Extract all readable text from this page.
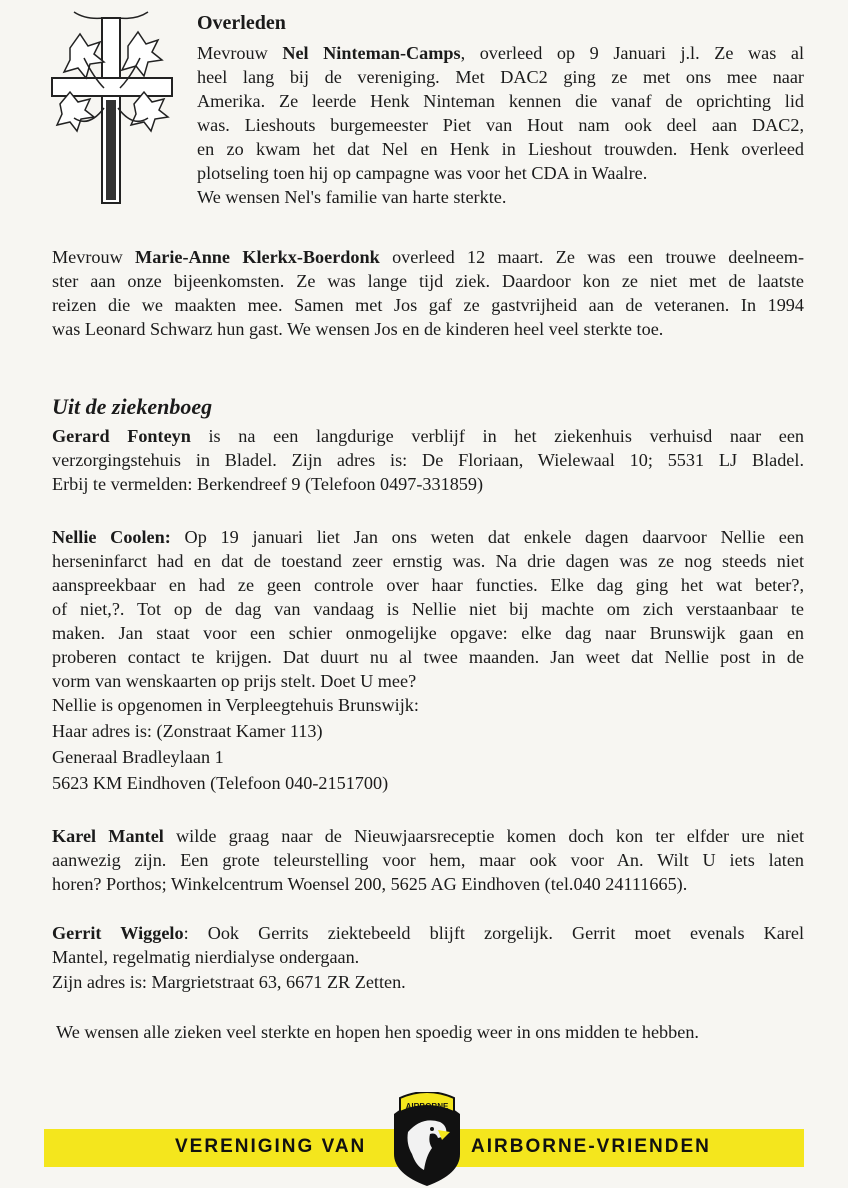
Overleden

Mevrouw Nel Ninteman-Camps, overleed op 9 Januari j.l. Ze was al

heel lang bij de vereniging. Met DAC2 ging ze met ons mee naar

Amerika. Ze leerde Henk Ninteman kennen die vanaf de oprichting lid

was. Lieshouts burgemeester Piet van Hout nam ook deel aan DAC2,

en zo kwam het dat Nel en Henk in Lieshout trouwden. Henk overleed

plotseling toen hij op campagne was voor het CDA in Waalre.

We wensen Nel's familie van harte sterkte.

Mevrouw Marie-Anne Klerkx-Boerdonk overleed 12 maart. Ze was een trouwe deelneem-

ster aan onze bijeenkomsten. Ze was lange tijd ziek. Daardoor kon ze niet met de laatste

reizen die we maakten mee. Samen met Jos gaf ze gastvrijheid aan de veteranen. In 1994

was Leonard Schwarz hun gast. We wensen Jos en de kinderen heel veel sterkte toe.

Uit de ziekenboeg

Gerard Fonteyn is na een langdurige verblijf in het ziekenhuis verhuisd naar een

verzorgingstehuis in Bladel. Zijn adres is: De Floriaan, Wielewaal 10; 5531 LJ Bladel.

Erbij te vermelden: Berkendreef 9 (Telefoon 0497-331859)

Nellie Coolen: Op 19 januari liet Jan ons weten dat enkele dagen daarvoor Nellie een

herseninfarct had en dat de toestand zeer ernstig was. Na drie dagen was ze nog steeds niet

aanspreekbaar en had ze geen controle over haar functies. Elke dag ging het wat beter?,

of niet,?. Tot op de dag van vandaag is Nellie niet bij machte om zich verstaanbaar te

maken. Jan staat voor een schier onmogelijke opgave: elke dag naar Brunswijk gaan en

proberen contact te krijgen. Dat duurt nu al twee maanden. Jan weet dat Nellie post in de

vorm van wenskaarten op prijs stelt. Doet U mee?

Nellie is opgenomen in Verpleegtehuis Brunswijk:

Haar adres is: (Zonstraat Kamer 113)

Generaal Bradleylaan 1

5623 KM Eindhoven (Telefoon 040-2151700)

Karel Mantel wilde graag naar de Nieuwjaarsreceptie komen doch kon ter elfder ure niet

aanwezig zijn. Een grote teleurstelling voor hem, maar ook voor An. Wilt U iets laten

horen? Porthos; Winkelcentrum Woensel 200, 5625 AG Eindhoven (tel.040 24111665).

Gerrit Wiggelo: Ook Gerrits ziektebeeld blijft zorgelijk. Gerrit moet evenals Karel

Mantel, regelmatig nierdialyse ondergaan.

Zijn adres is: Margrietstraat 63, 6671 ZR Zetten.

We wensen alle zieken veel sterkte en hopen hen spoedig weer in ons midden te hebben.

VERENIGING VAN	AIRBORNE-VRIENDEN
AIRBORNE
